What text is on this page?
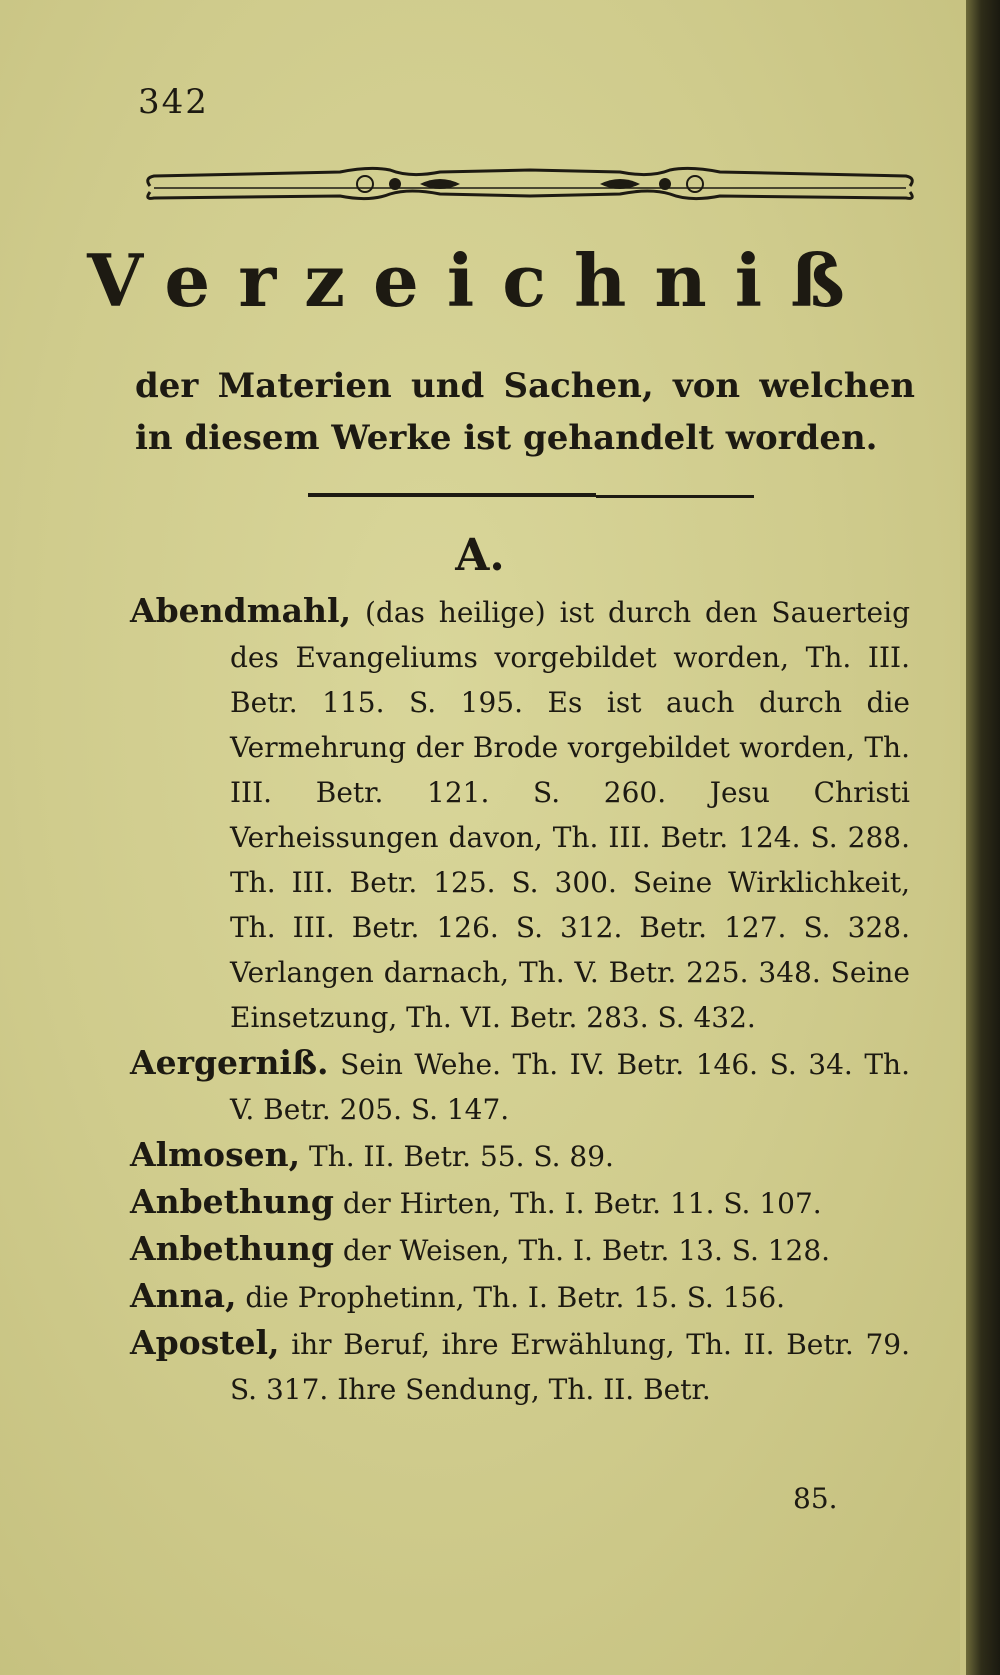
342
Verzeichniß
der Materien und Sachen, von welchen in diesem Werke ist gehandelt worden.
A.

Abendmahl, (das heilige) ist durch den Sauerteig des Evangeliums vorgebildet worden, Th. III. Betr. 115. S. 195. Es ist auch durch die Vermehrung der Brode vorgebildet worden, Th. III. Betr. 121. S. 260. Jesu Christi Verheissungen davon, Th. III. Betr. 124. S. 288. Th. III. Betr. 125. S. 300. Seine Wirklichkeit, Th. III. Betr. 126. S. 312. Betr. 127. S. 328. Verlangen darnach, Th. V. Betr. 225. 348. Seine Einsetzung, Th. VI. Betr. 283. S. 432.

Aergerniß. Sein Wehe. Th. IV. Betr. 146. S. 34. Th. V. Betr. 205. S. 147.

Almosen, Th. II. Betr. 55. S. 89.

Anbethung der Hirten, Th. I. Betr. 11. S. 107.

Anbethung der Weisen, Th. I. Betr. 13. S. 128.

Anna, die Prophetinn, Th. I. Betr. 15. S. 156.

Apostel, ihr Beruf, ihre Erwählung, Th. II. Betr. 79. S. 317. Ihre Sendung, Th. II. Betr.

85.
